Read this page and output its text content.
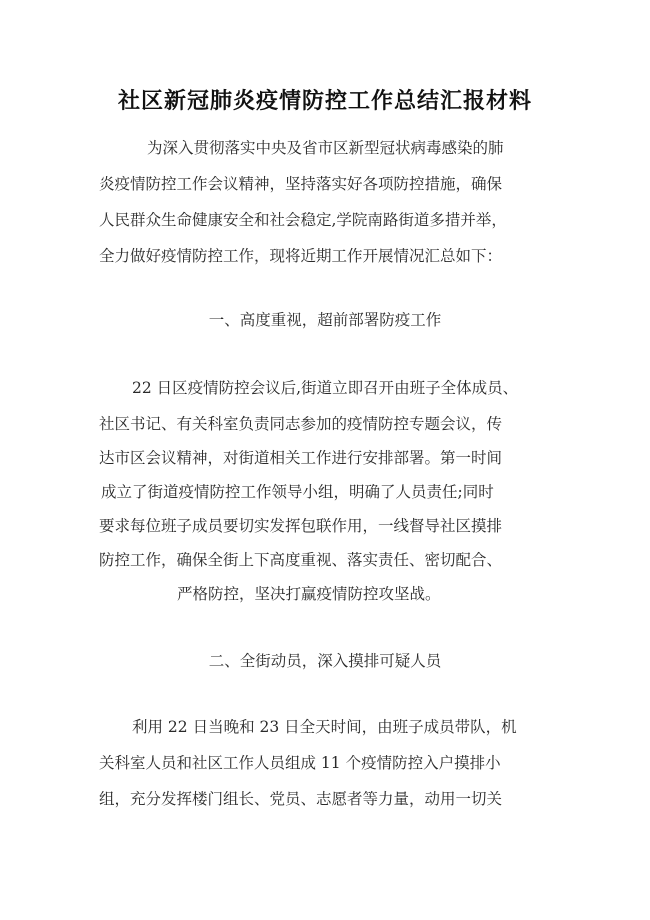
社区新冠肺炎疫情防控工作总结汇报材料
为深入贯彻落实中央及省市区新型冠状病毒感染的肺
炎疫情防控工作会议精神，坚持落实好各项防控措施，确保
人民群众生命健康安全和社会稳定,学院南路街道多措并举，
全力做好疫情防控工作，现将近期工作开展情况汇总如下：
一、高度重视，超前部署防疫工作
22 日区疫情防控会议后,街道立即召开由班子全体成员、
社区书记、有关科室负责同志参加的疫情防控专题会议，传
达市区会议精神，对街道相关工作进行安排部署。第一时间
成立了街道疫情防控工作领导小组，明确了人员责任;同时
要求每位班子成员要切实发挥包联作用，一线督导社区摸排
防控工作，确保全街上下高度重视、落实责任、密切配合、
严格防控，坚决打赢疫情防控攻坚战。
二、全街动员，深入摸排可疑人员
利用 22 日当晚和 23 日全天时间，由班子成员带队，机
关科室人员和社区工作人员组成 11 个疫情防控入户摸排小
组，充分发挥楼门组长、党员、志愿者等力量，动用一切关
